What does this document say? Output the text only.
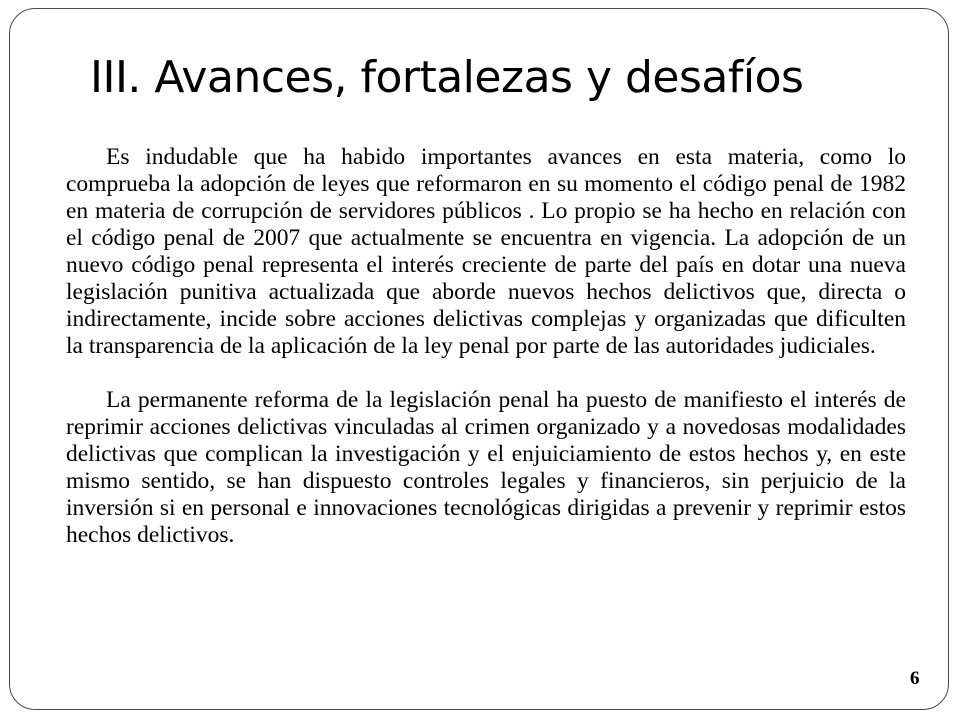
III. Avances, fortalezas y desafíos

Es indudable que ha habido importantes avances en esta materia, como lo comprueba la adopción de leyes que reformaron en su momento el código penal de 1982 en materia de corrupción de servidores públicos . Lo propio se ha hecho en relación con el código penal de 2007 que actualmente se encuentra en vigencia. La adopción de un nuevo código penal representa el interés creciente de parte del país en dotar una nueva legislación punitiva actualizada que aborde nuevos hechos delictivos que, directa o indirectamente, incide sobre acciones delictivas complejas y organizadas que dificulten la transparencia de la aplicación de la ley penal por parte de las autoridades judiciales.

La permanente reforma de la legislación penal ha puesto de manifiesto el interés de reprimir acciones delictivas vinculadas al crimen organizado y a novedosas modalidades delictivas que complican la investigación y el enjuiciamiento de estos hechos y, en este mismo sentido, se han dispuesto controles legales y financieros, sin perjuicio de la inversión si en personal e innovaciones tecnológicas dirigidas a prevenir y reprimir estos hechos delictivos.

6
